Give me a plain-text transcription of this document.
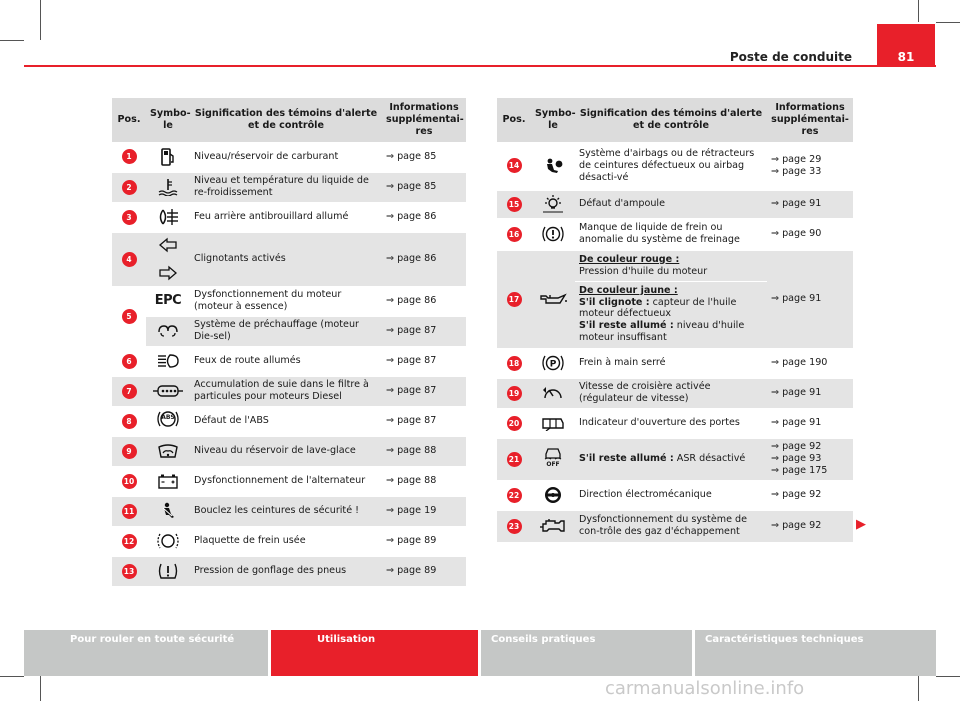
Poste de conduite	81
Pos.	Symbo-le	Signification des témoins d'alerte et de contrôle	Informations supplémentai-res
1		Niveau/réservoir de carburant	⇒ page 85
2		Niveau et température du liquide de re-froidissement	⇒ page 85
3		Feu arrière antibrouillard allumé	⇒ page 86
4		Clignotants activés	⇒ page 86
5	EPC	Dysfonctionnement du moteur (moteur à essence)	⇒ page 86
	Système de préchauffage (moteur Die-sel)	⇒ page 87
6		Feux de route allumés	⇒ page 87
7		Accumulation de suie dans le filtre à particules pour moteurs Diesel	⇒ page 87
8	ABS	Défaut de l'ABS	⇒ page 87
9		Niveau du réservoir de lave-glace	⇒ page 88
10		Dysfonctionnement de l'alternateur	⇒ page 88
11		Bouclez les ceintures de sécurité !	⇒ page 19
12		Plaquette de frein usée	⇒ page 89
13		Pression de gonflage des pneus	⇒ page 89
Pos.	Symbo-le	Signification des témoins d'alerte et de contrôle	Informations supplémentai-res
14		Système d'airbags ou de rétracteurs de ceintures défectueux ou airbag désacti-vé	⇒ page 29
⇒ page 33
15		Défaut d'ampoule	⇒ page 91
16		Manque de liquide de frein ou anomalie du système de freinage	⇒ page 90
17		De couleur rouge :
Pression d'huile du moteur
De couleur jaune :
S'il clignote : capteur de l'huile moteur défectueux
S'il reste allumé : niveau d'huile moteur insuffisant	⇒ page 91
18	P	Frein à main serré	⇒ page 190
19		Vitesse de croisière activée (régulateur de vitesse)	⇒ page 91
20		Indicateur d'ouverture des portes	⇒ page 91
21	OFF	S'il reste allumé : ASR désactivé	⇒ page 92
⇒ page 93
⇒ page 175
22		Direction électromécanique	⇒ page 92
23		Dysfonctionnement du système de con-trôle des gaz d'échappement	⇒ page 92	▶
Pour rouler en toute sécurité	Utilisation	Conseils pratiques	Caractéristiques techniques
carmanualsonline.info
